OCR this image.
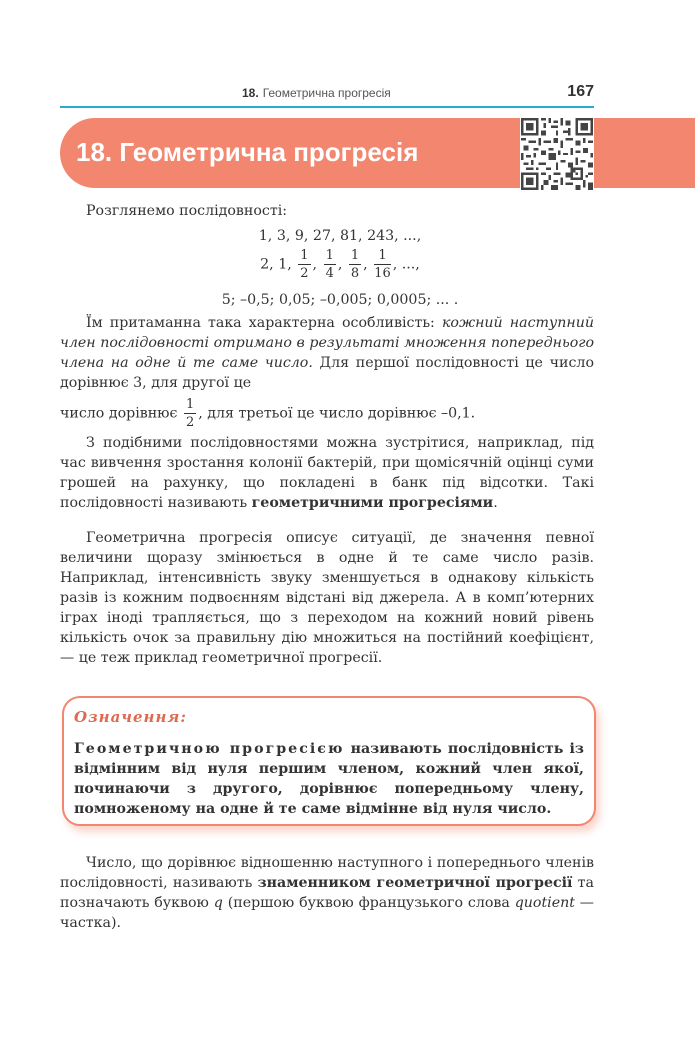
18. Геометрична прогресія	167
18. Геометрична прогресія
Розглянемо послідовності:
1, 3, 9, 27, 81, 243, ...,
2, 1, $\frac{1}{2}$ , $\frac{1}{4}$ , $\frac{1}{8}$ , $\frac{1}{16}$ , ...,
5; –0,5; 0,05; –0,005; 0,0005; ... .
Їм притаманна така характерна особливість: кожний наступний член послідовності отримано в результаті множення попереднього члена на одне й те саме число. Для першої послідовності це число дорівнює 3, для другої це
число дорівнює $\frac{1}{2}$ , для третьої це число дорівнює –0,1.
З подібними послідовностями можна зустрітися, наприклад, під час вивчення зростання колонії бактерій, при щомісячній оцінці суми грошей на рахунку, що покладені в банк під відсотки. Такі послідовності називають геометричними прогресіями.
Геометрична прогресія описує ситуації, де значення певної величини щоразу змінюється в одне й те саме число разів. Наприклад, інтенсивність звуку зменшується в однакову кількість разів із кожним подвоєнням відстані від джерела. А в комп’ютерних іграх іноді трапляється, що з переходом на кожний новий рівень кількість очок за правильну дію множиться на постійний коефіцієнт, — це теж приклад геометричної прогресії.
Означення:
Геометричною прогресією називають послідовність із відмінним від нуля першим членом, кожний член якої, починаючи з другого, дорівнює попередньому члену, помноженому на одне й те саме відмінне від нуля число.
Число, що дорівнює відношенню наступного і попереднього членів послідовності, називають знаменником геометричної прогресії та позначають буквою q (першою буквою французького слова quotient — частка).
